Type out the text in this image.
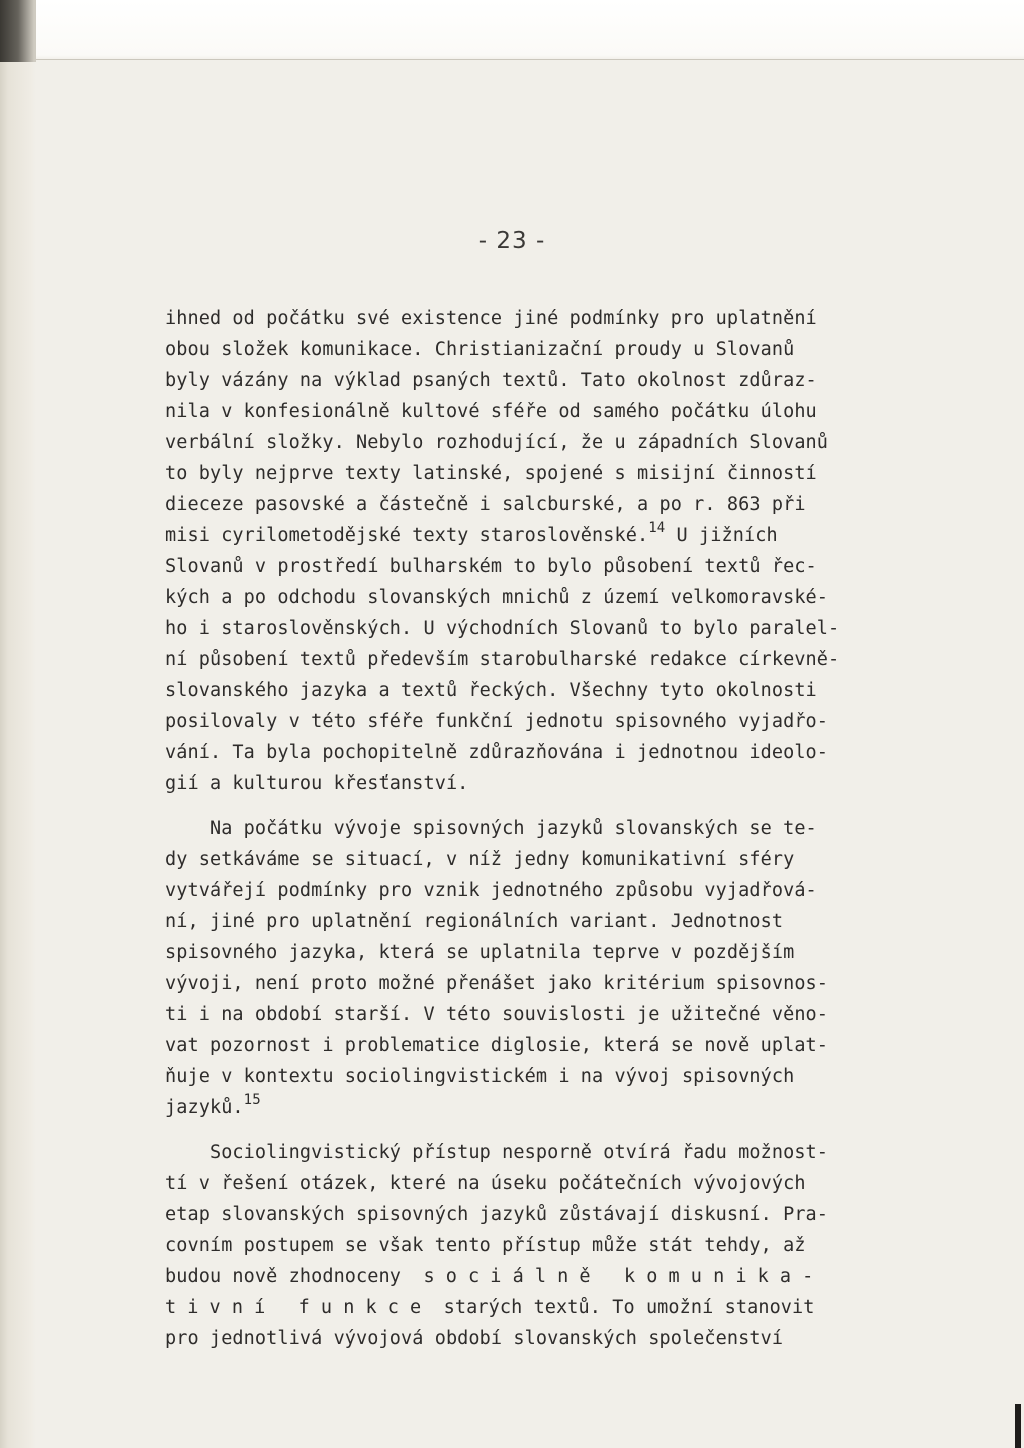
- 23 -
ihned od počátku své existence jiné podmínky pro uplatnění
obou složek komunikace. Christianizační proudy u Slovanů
byly vázány na výklad psaných textů. Tato okolnost zdůraz-
nila v konfesionálně kultové sféře od samého počátku úlohu
verbální složky. Nebylo rozhodující, že u západních Slovanů
to byly nejprve texty latinské, spojené s misijní činností
dieceze pasovské a částečně i salcburské, a po r. 863 při
misi cyrilometodějské texty staroslověnské.$^{14}$ U jižních
Slovanů v prostředí bulharském to bylo působení textů řec-
kých a po odchodu slovanských mnichů z území velkomoravské-
ho i staroslověnských. U východních Slovanů to bylo paralel-
ní působení textů především starobulharské redakce církevně-
slovanského jazyka a textů řeckých. Všechny tyto okolnosti
posilovaly v této sféře funkční jednotu spisovného vyjadřo-
vání. Ta byla pochopitelně zdůrazňována i jednotnou ideolo-
gií a kulturou křesťanství.
Na počátku vývoje spisovných jazyků slovanských se te-
dy setkáváme se situací, v níž jedny komunikativní sféry
vytvářejí podmínky pro vznik jednotného způsobu vyjadřová-
ní, jiné pro uplatnění regionálních variant. Jednotnost
spisovného jazyka, která se uplatnila teprve v pozdějším
vývoji, není proto možné přenášet jako kritérium spisovnos-
ti i na období starší. V této souvislosti je užitečné věno-
vat pozornost i problematice diglosie, která se nově uplat-
ňuje v kontextu sociolingvistickém i na vývoj spisovných
jazyků.$^{15}$
Sociolingvistický přístup nesporně otvírá řadu možnost-
tí v řešení otázek, které na úseku počátečních vývojových
etap slovanských spisovných jazyků zůstávají diskusní. Pra-
covním postupem se však tento přístup může stát tehdy, až
budou nově zhodnoceny  s o c i á l n ě   k o m u n i k a -
t i v n í   f u n k c e  starých textů. To umožní stanovit
pro jednotlivá vývojová období slovanských společenství
